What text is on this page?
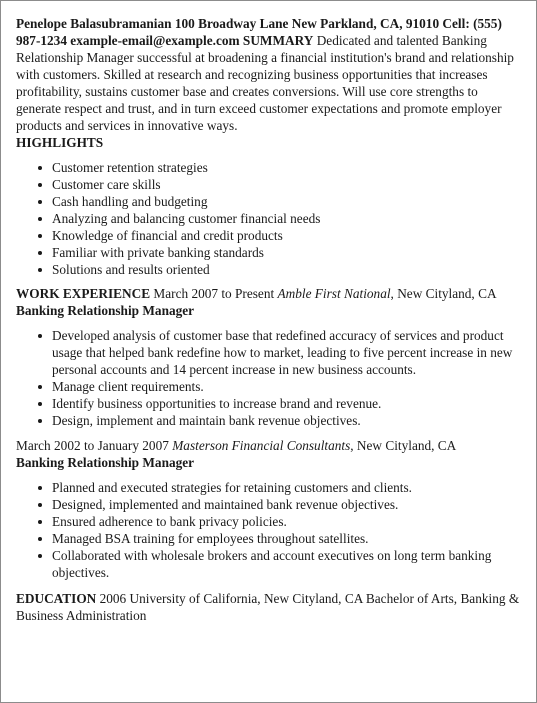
Penelope Balasubramanian 100 Broadway Lane New Parkland, CA, 91010 Cell: (555) 987-1234 example-email@example.com SUMMARY Dedicated and talented Banking Relationship Manager successful at broadening a financial institution's brand and relationship with customers. Skilled at research and recognizing business opportunities that increases profitability, sustains customer base and creates conversions. Will use core strengths to generate respect and trust, and in turn exceed customer expectations and promote employer products and services in innovative ways.

HIGHLIGHTS

Customer retention strategies
Customer care skills
Cash handling and budgeting
Analyzing and balancing customer financial needs
Knowledge of financial and credit products
Familiar with private banking standards
Solutions and results oriented

WORK EXPERIENCE March 2007 to Present Amble First National, New Cityland, CA Banking Relationship Manager

Developed analysis of customer base that redefined accuracy of services and product usage that helped bank redefine how to market, leading to five percent increase in new personal accounts and 14 percent increase in new business accounts.
Manage client requirements.
Identify business opportunities to increase brand and revenue.
Design, implement and maintain bank revenue objectives.

March 2002 to January 2007 Masterson Financial Consultants, New Cityland, CA
Banking Relationship Manager

Planned and executed strategies for retaining customers and clients.
Designed, implemented and maintained bank revenue objectives.
Ensured adherence to bank privacy policies.
Managed BSA training for employees throughout satellites.
Collaborated with wholesale brokers and account executives on long term banking objectives.

EDUCATION 2006 University of California, New Cityland, CA Bachelor of Arts, Banking & Business Administration
